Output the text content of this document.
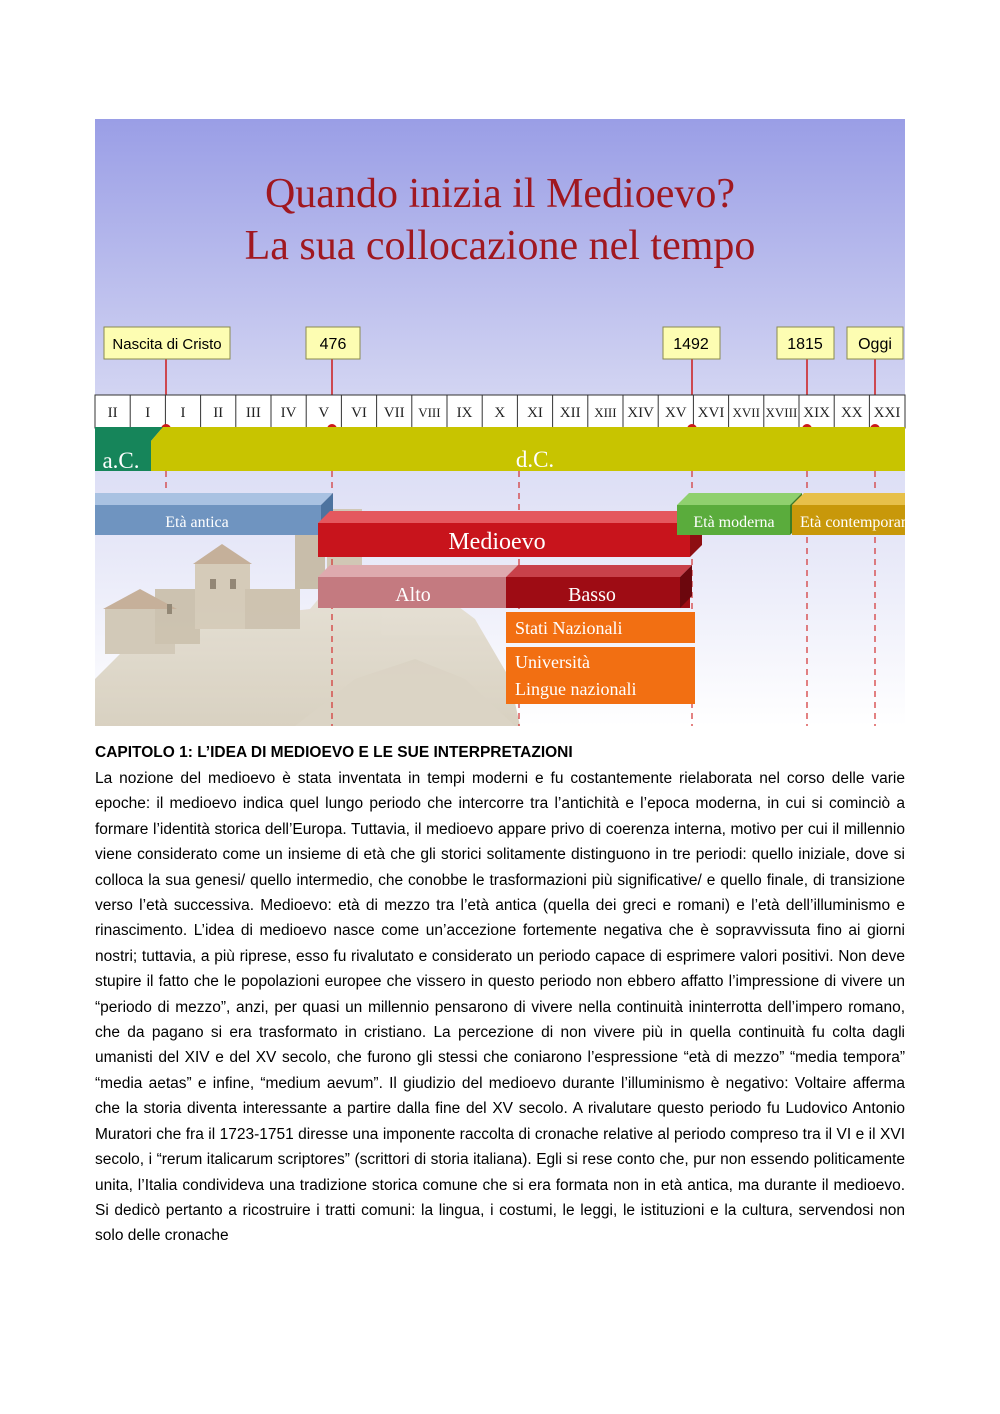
Quando inizia il Medioevo?
La sua collocazione nel tempo
Nascita di Cristo	476	1492	1815 Oggi
II I I II III IV V VI VII VIII IX X XI XII XIII XIV XV XVI XVII XVIII XIX XX XXI
a.C.	d.C.
Età antica
Medioevo
Età moderna Età contemporanea
Alto	Basso
Stati Nazionali
Università
Lingue nazionali
CAPITOLO 1: L’IDEA DI MEDIOEVO E LE SUE INTERPRETAZIONI

La nozione del medioevo è stata inventata in tempi moderni e fu costantemente rielaborata nel corso delle varie epoche: il medioevo indica quel lungo periodo che intercorre tra l’antichità e l’epoca moderna, in cui si cominciò a formare l’identità storica dell’Europa. Tuttavia, il medioevo appare privo di coerenza interna, motivo per cui il millennio viene considerato come un insieme di età che gli storici solitamente distinguono in tre periodi: quello iniziale, dove si colloca la sua genesi/ quello intermedio, che conobbe le trasformazioni più significative/ e quello finale, di transizione verso l’età successiva. Medioevo: età di mezzo tra l’età antica (quella dei greci e romani) e l’età dell’illuminismo e rinascimento. L’idea di medioevo nasce come un’accezione fortemente negativa che è sopravvissuta fino ai giorni nostri; tuttavia, a più riprese, esso fu rivalutato e considerato un periodo capace di esprimere valori positivi. Non deve stupire il fatto che le popolazioni europee che vissero in questo periodo non ebbero affatto l’impressione di vivere un “periodo di mezzo”, anzi, per quasi un millennio pensarono di vivere nella continuità ininterrotta dell’impero romano, che da pagano si era trasformato in cristiano. La percezione di non vivere più in quella continuità fu colta dagli umanisti del XIV e del XV secolo, che furono gli stessi che coniarono l’espressione “età di mezzo” “media tempora” “media aetas” e infine, “medium aevum”. Il giudizio del medioevo durante l’illuminismo è negativo: Voltaire afferma che la storia diventa interessante a partire dalla fine del XV secolo. A rivalutare questo periodo fu Ludovico Antonio Muratori che fra il 1723-1751 diresse una imponente raccolta di cronache relative al periodo compreso tra il VI e il XVI secolo, i “rerum italicarum scriptores” (scrittori di storia italiana). Egli si rese conto che, pur non essendo politicamente unita, l’Italia condivideva una tradizione storica comune che si era formata non in età antica, ma durante il medioevo. Si dedicò pertanto a ricostruire i tratti comuni: la lingua, i costumi, le leggi, le istituzioni e la cultura, servendosi non solo delle cronache
